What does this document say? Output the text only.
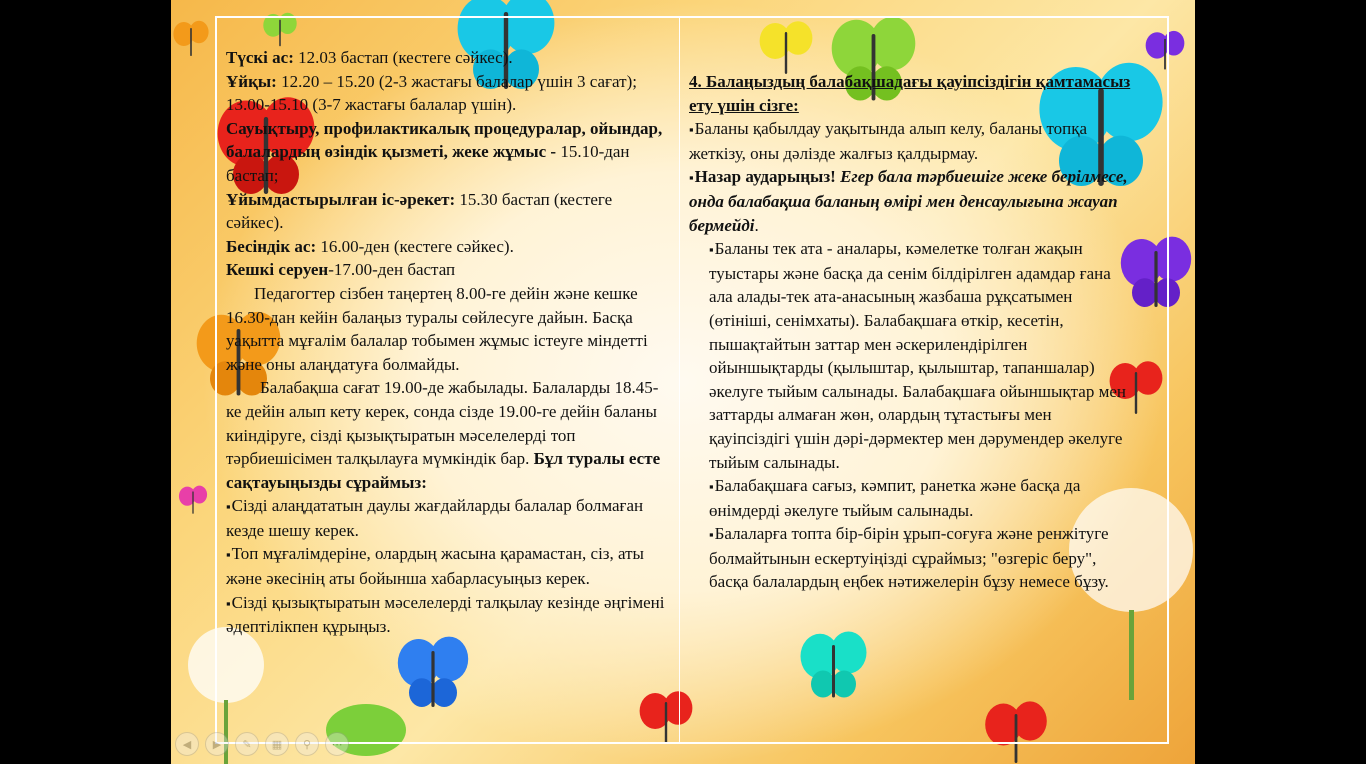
Түскі ас: 12.03 бастап (кестеге сәйкес).

Ұйқы: 12.20 – 15.20 (2-3 жастағы балалар үшін 3 сағат); 13.00-15.10 (3-7 жастағы балалар үшін).

Сауықтыру, профилактикалық процедуралар, ойындар, балалардың өзіндік қызметі, жеке жұмыс - 15.10-дан бастап;

Ұйымдастырылған іс-әрекет: 15.30 бастап (кестеге сәйкес).

Бесіндік ас: 16.00-ден (кестеге сәйкес).

Кешкі серуен-17.00-ден бастап

Педагогтер сізбен таңертең 8.00-ге дейін және кешке 16.30-дан кейін балаңыз туралы сөйлесуге дайын. Басқа уақытта мұғалім балалар тобымен жұмыс істеуге міндетті және оны алаңдатуға болмайды.

Балабақша сағат 19.00-де жабылады. Балаларды 18.45-ке дейін алып кету керек, сонда сізде 19.00-ге дейін баланы киіндіруге, сізді қызықтыратын мәселелерді топ тәрбиешісімен талқылауға мүмкіндік бар. Бұл туралы есте сақтауыңызды сұраймыз:

▪ Сізді алаңдататын даулы жағдайларды балалар болмаған кезде шешу керек.

▪ Топ мұғалімдеріне, олардың жасына қарамастан, сіз, аты және әкесінің аты бойынша хабарласуыңыз керек.

▪ Сізді қызықтыратын мәселелерді талқылау кезінде әңгімені әдептілікпен құрыңыз.

4. Балаңыздың балабақшадағы қауіпсіздігін қамтамасыз ету үшін сізге:

▪ Баланы қабылдау уақытында алып келу, баланы топқа жеткізу, оны дәлізде жалғыз қалдырмау.

▪ Назар аударыңыз! Егер бала тәрбиешіге жеке берілмесе, онда балабақша баланың өмірі мен денсаулығына жауап бермейді.

▪ Баланы тек ата - аналары, кәмелетке толған жақын туыстары және басқа да сенім білдірілген адамдар ғана ала алады-тек ата-анасының жазбаша рұқсатымен (өтініші, сенімхаты). Балабақшаға өткір, кесетін, пышақтайтын заттар мен әскерилендірілген ойыншықтарды (қылыштар, қылыштар, тапаншалар) әкелуге тыйым салынады. Балабақшаға ойыншықтар мен заттарды алмаған жөн, олардың тұтастығы мен қауіпсіздігі үшін дәрі-дәрмектер мен дәрумендер әкелуге тыйым салынады.

▪ Балабақшаға сағыз, кәмпит, ранетка және басқа да өнімдерді әкелуге тыйым салынады.

▪ Балаларға топта бір-бірін ұрып-соғуға және ренжітуге болмайтынын ескертуіңізді сұраймыз; "өзгеріс беру", басқа балалардың еңбек нәтижелерін бұзу немесе бұзу.

◀	▶	✎	▦	⚲	⋯
